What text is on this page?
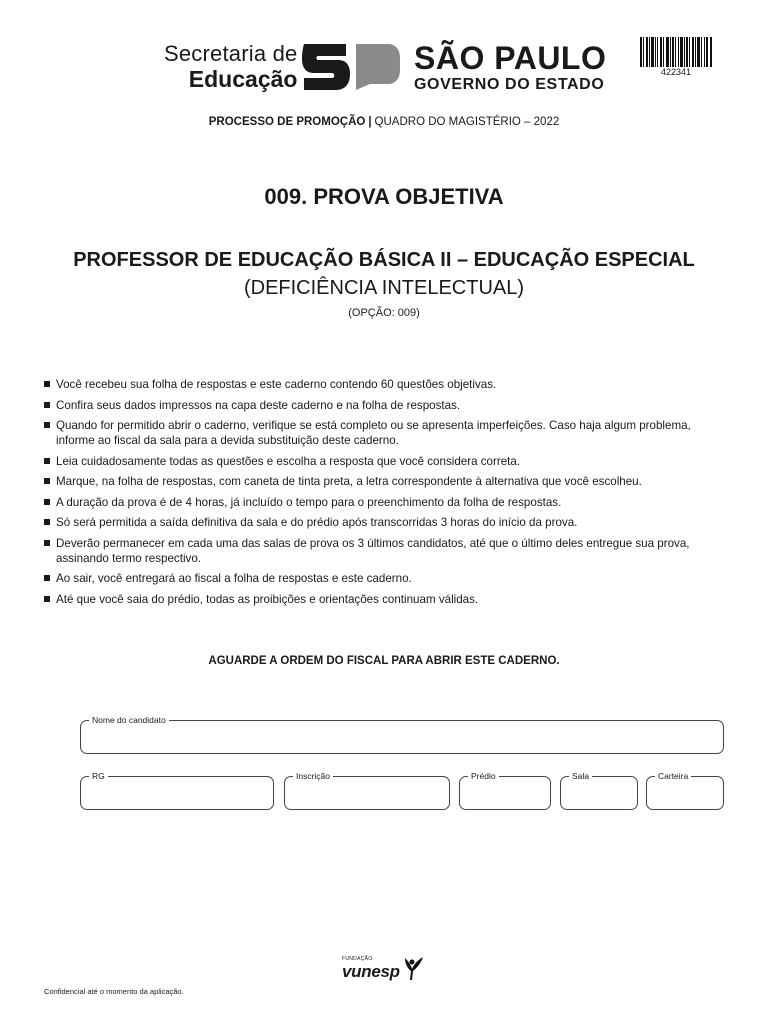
Secretaria de
Educação
SÃO PAULO
GOVERNO DO ESTADO
422341
PROCESSO DE PROMOÇÃO | QUADRO DO MAGISTÉRIO – 2022
009. PROVA OBJETIVA
PROFESSOR DE EDUCAÇÃO BÁSICA II – EDUCAÇÃO ESPECIAL
(DEFICIÊNCIA INTELECTUAL)
(OPÇÃO: 009)
Você recebeu sua folha de respostas e este caderno contendo 60 questões objetivas.
Confira seus dados impressos na capa deste caderno e na folha de respostas.
Quando for permitido abrir o caderno, verifique se está completo ou se apresenta imperfeições. Caso haja algum problema, informe ao fiscal da sala para a devida substituição deste caderno.
Leia cuidadosamente todas as questões e escolha a resposta que você considera correta.
Marque, na folha de respostas, com caneta de tinta preta, a letra correspondente à alternativa que você escolheu.
A duração da prova é de 4 horas, já incluído o tempo para o preenchimento da folha de respostas.
Só será permitida a saída definitiva da sala e do prédio após transcorridas 3 horas do início da prova.
Deverão permanecer em cada uma das salas de prova os 3 últimos candidatos, até que o último deles entregue sua prova, assinando termo respectivo.
Ao sair, você entregará ao fiscal a folha de respostas e este caderno.
Até que você saia do prédio, todas as proibições e orientações continuam válidas.
AGUARDE A ORDEM DO FISCAL PARA ABRIR ESTE CADERNO.
Nome do candidato
RG	Inscrição	Prédio	Sala	Carteira
FUNDAÇÃO
vunesp
Confidencial até o momento da aplicação.
